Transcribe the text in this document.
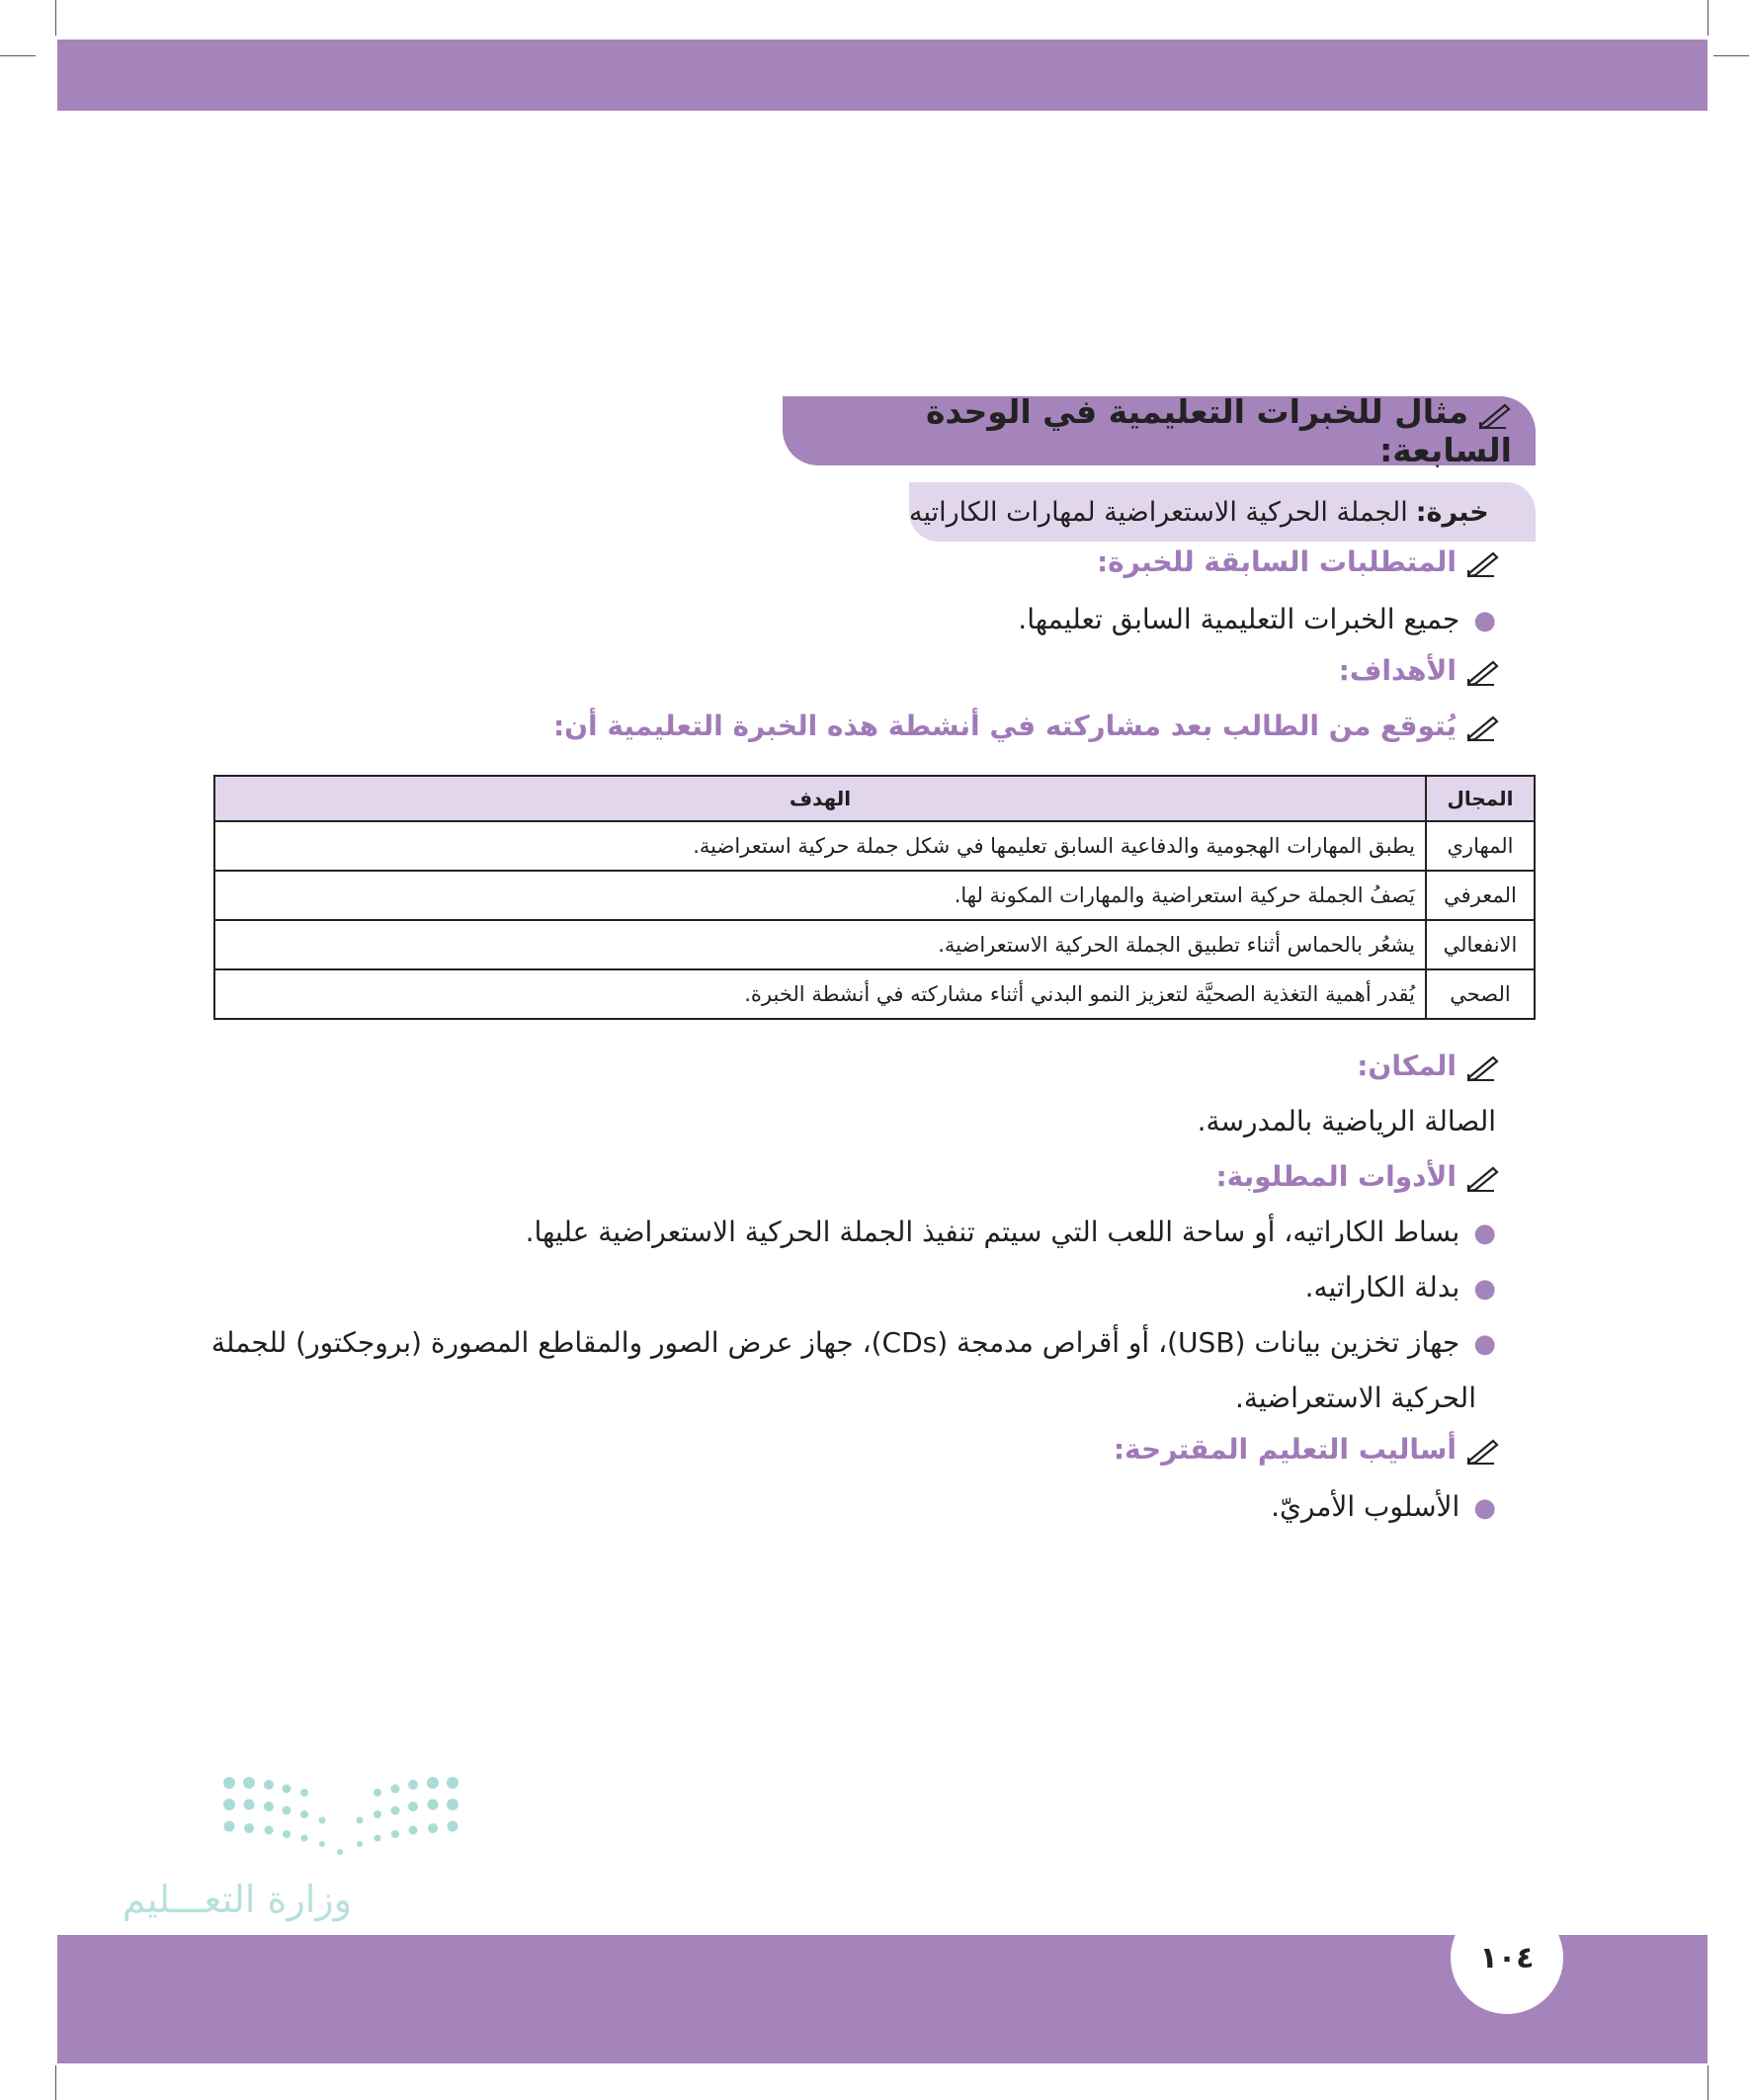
مثال للخبرات التعليمية في الوحدة السابعة:
خبرة:
الجملة الحركية الاستعراضية لمهارات الكاراتيه
المتطلبات السابقة للخبرة:
●جميع الخبرات التعليمية السابق تعليمها.
الأهداف:
يُتوقع من الطالب بعد مشاركته في أنشطة هذه الخبرة التعليمية أن:
المجال	الهدف
المهاري	يطبق المهارات الهجومية والدفاعية السابق تعليمها في شكل جملة حركية استعراضية.
المعرفي	يَصفُ الجملة حركية استعراضية والمهارات المكونة لها.
الانفعالي	يشعُر بالحماس أثناء تطبيق الجملة الحركية الاستعراضية.
الصحي	يُقدر أهمية التغذية الصحيَّة لتعزيز النمو البدني أثناء مشاركته في أنشطة الخبرة.
المكان:
الصالة الرياضية بالمدرسة.
الأدوات المطلوبة:
●بساط الكاراتيه، أو ساحة اللعب التي سيتم تنفيذ الجملة الحركية الاستعراضية عليها.
●بدلة الكاراتيه.
●جهاز تخزين بيانات (USB)، أو أقراص مدمجة (CDs)، جهاز عرض الصور والمقاطع المصورة (بروجكتور) للجملة
الحركية الاستعراضية.
أساليب التعليم المقترحة:
●الأسلوب الأمريّ.
وزارة التعـــليم
١٠٤
